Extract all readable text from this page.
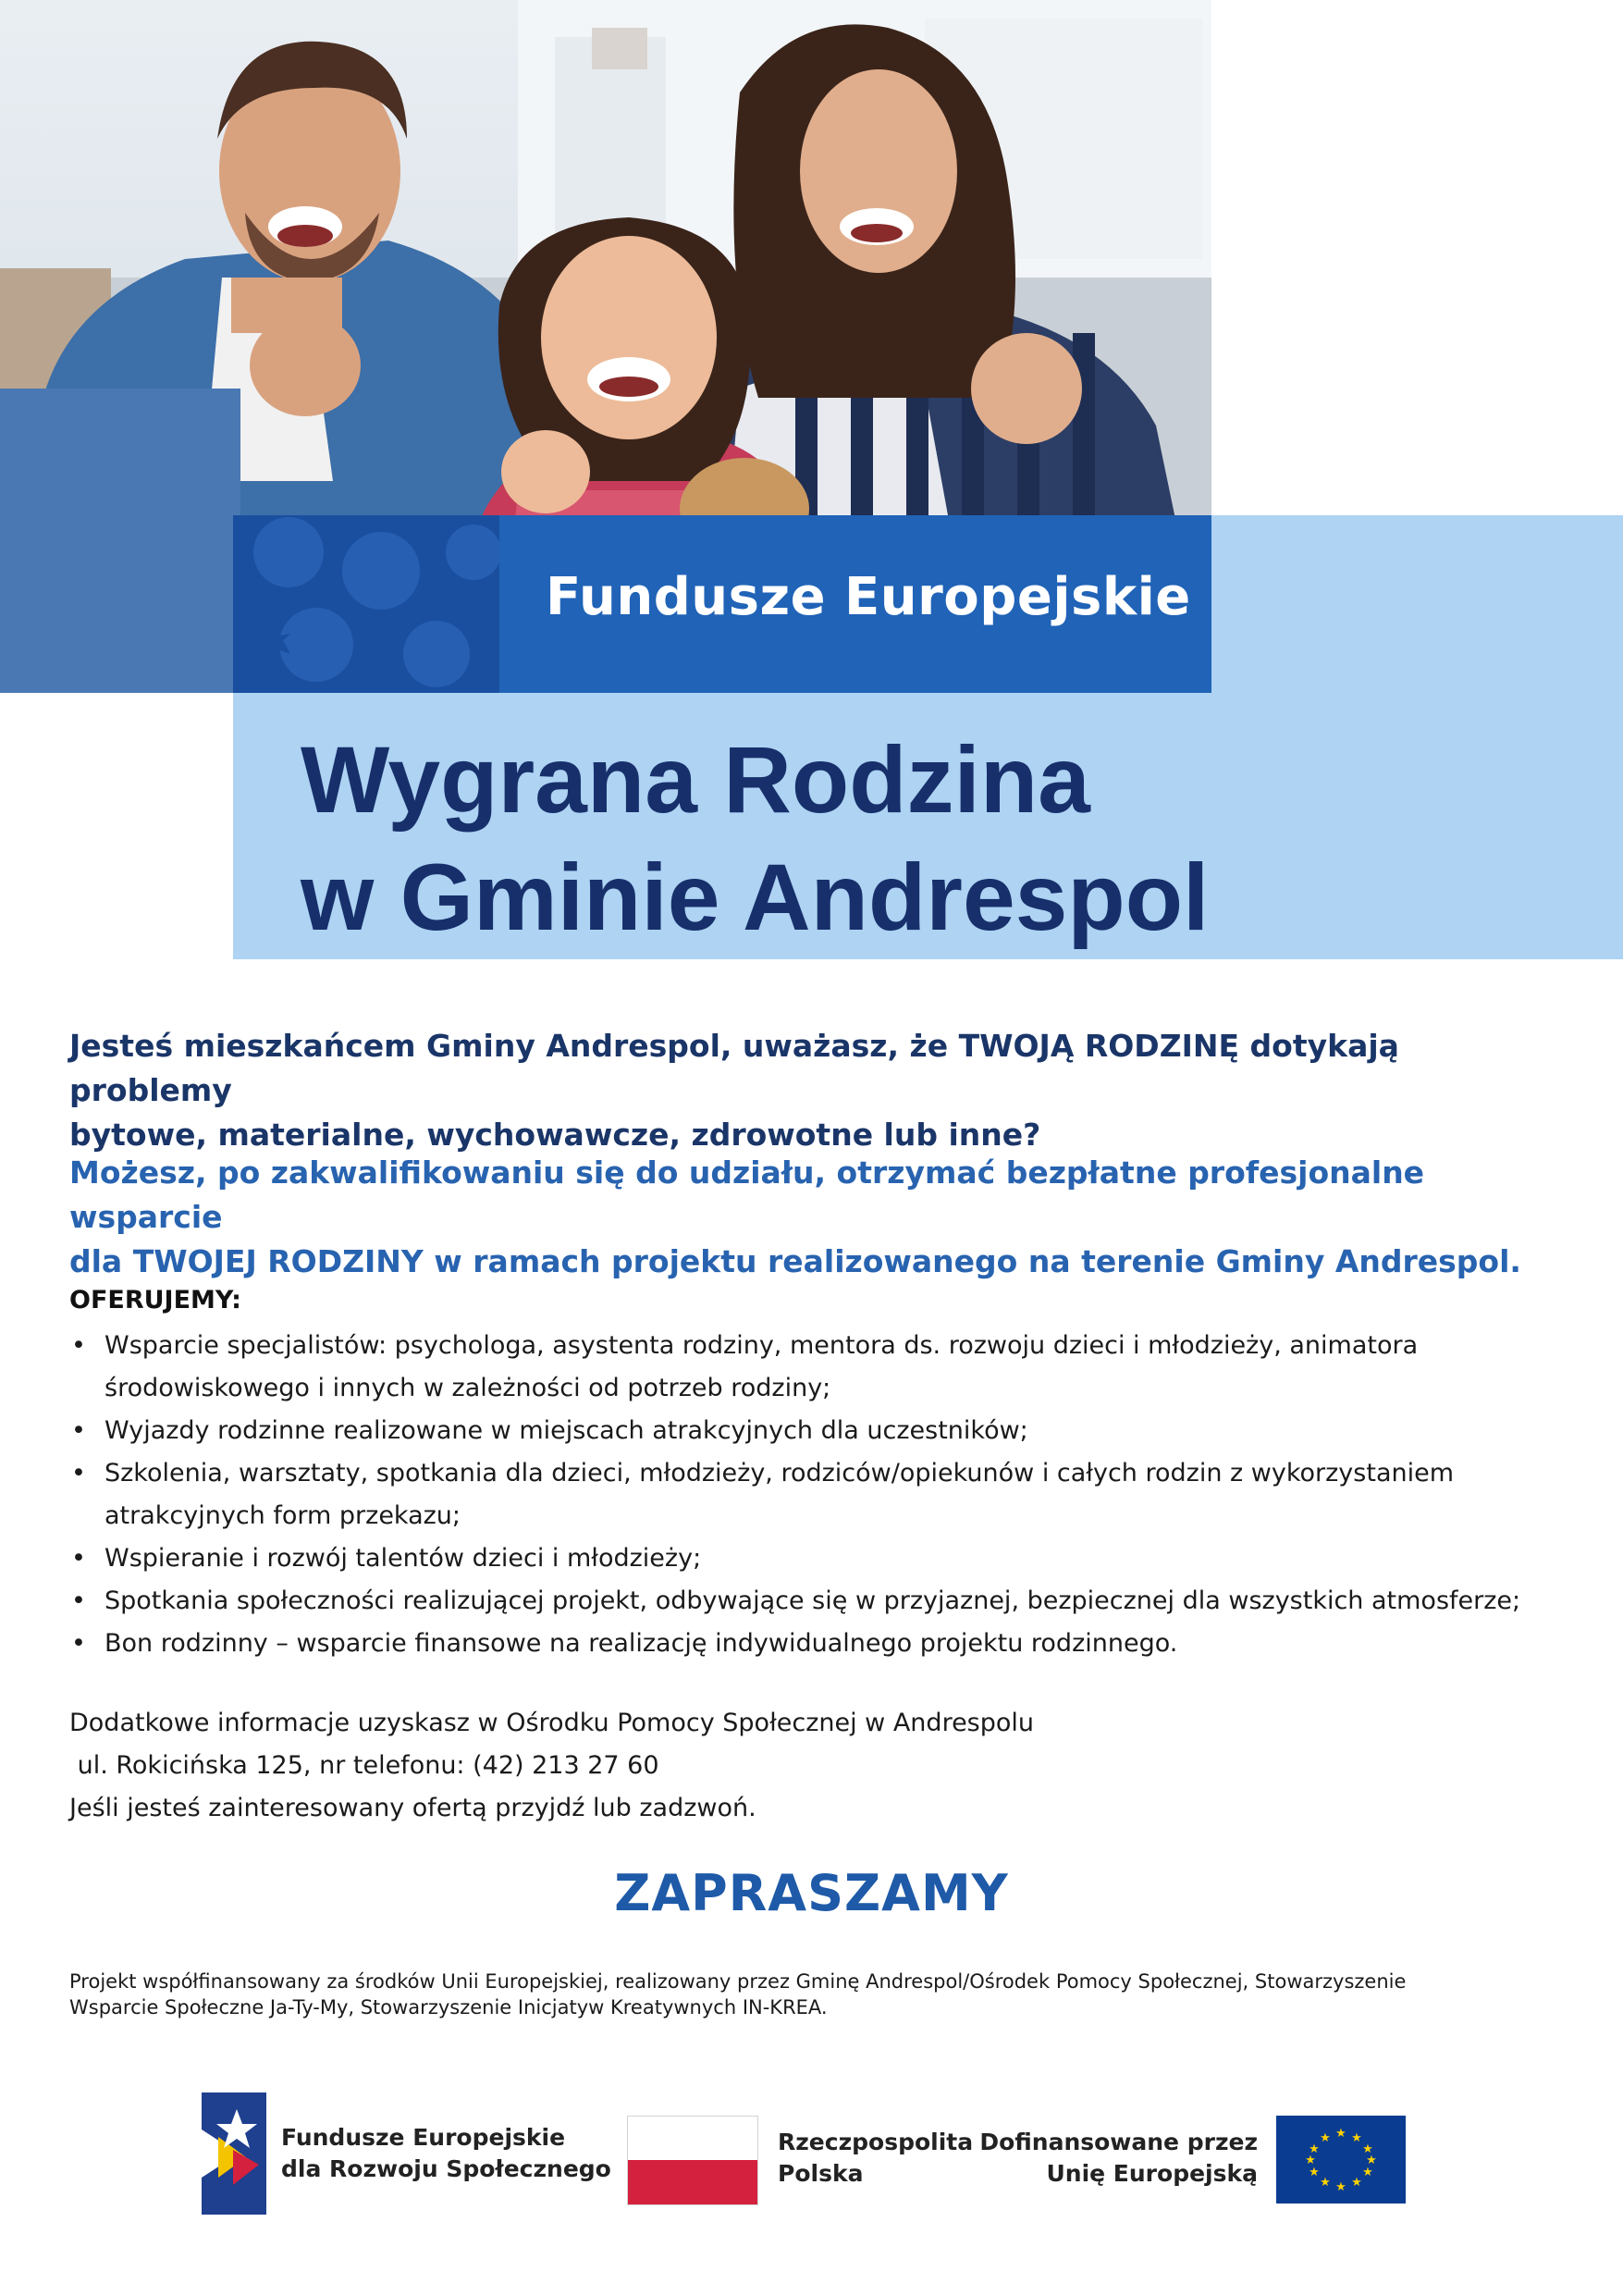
Fundusze Europejskie
Wygrana Rodzina
w Gminie Andrespol
Jesteś mieszkańcem Gminy Andrespol, uważasz, że TWOJĄ RODZINĘ dotykają problemy
bytowe, materialne, wychowawcze, zdrowotne lub inne?
Możesz, po zakwalifikowaniu się do udziału, otrzymać bezpłatne profesjonalne wsparcie
dla TWOJEJ RODZINY w ramach projektu realizowanego na terenie Gminy Andrespol.
OFERUJEMY:
• Wsparcie specjalistów: psychologa, asystenta rodziny, mentora ds. rozwoju dzieci i młodzieży, animatora środowiskowego i innych w zależności od potrzeb rodziny;
• Wyjazdy rodzinne realizowane w miejscach atrakcyjnych dla uczestników;
• Szkolenia, warsztaty, spotkania dla dzieci, młodzieży, rodziców/opiekunów i całych rodzin z wykorzystaniem atrakcyjnych form przekazu;
• Wspieranie i rozwój talentów dzieci i młodzieży;
• Spotkania społeczności realizującej projekt, odbywające się w przyjaznej, bezpiecznej dla wszystkich atmosferze;
• Bon rodzinny – wsparcie finansowe na realizację indywidualnego projektu rodzinnego.
Dodatkowe informacje uzyskasz w Ośrodku Pomocy Społecznej w Andrespolu
ul. Rokicińska 125, nr telefonu: (42) 213 27 60
Jeśli jesteś zainteresowany ofertą przyjdź lub zadzwoń.
ZAPRASZAMY
Projekt współfinansowany za środków Unii Europejskiej, realizowany przez Gminę Andrespol/Ośrodek Pomocy Społecznej, Stowarzyszenie
Wsparcie Społeczne Ja-Ty-My, Stowarzyszenie Inicjatyw Kreatywnych IN-KREA.
Fundusze Europejskie
dla Rozwoju Społecznego
Rzeczpospolita
Polska
Dofinansowane przez
Unię Europejską
★ ★
★
★
★
★
★
★
★
★
★
★
